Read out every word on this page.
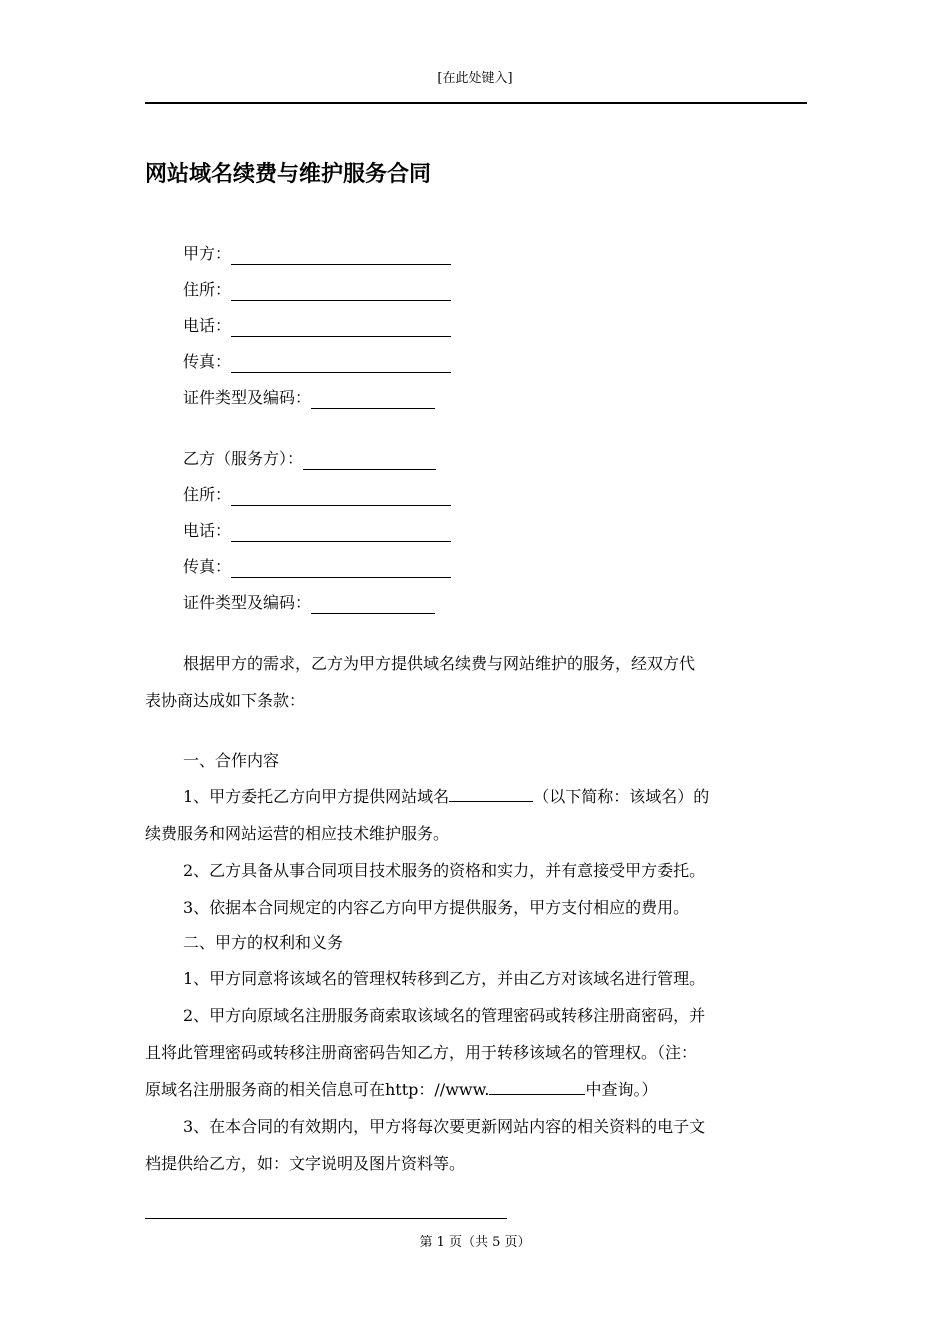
[在此处键入]
网站域名续费与维护服务合同
甲方：
住所：
电话：
传真：
证件类型及编码：
乙方（服务方）：
住所：
电话：
传真：
证件类型及编码：
根据甲方的需求，乙方为甲方提供域名续费与网站维护的服务，经双方代
表协商达成如下条款：
一、合作内容
1、甲方委托乙方向甲方提供网站域名	（以下简称：该域名）的
续费服务和网站运营的相应技术维护服务。
2、乙方具备从事合同项目技术服务的资格和实力，并有意接受甲方委托。
3、依据本合同规定的内容乙方向甲方提供服务，甲方支付相应的费用。
二、甲方的权利和义务
1、甲方同意将该域名的管理权转移到乙方，并由乙方对该域名进行管理。
2、甲方向原域名注册服务商索取该域名的管理密码或转移注册商密码，并
且将此管理密码或转移注册商密码告知乙方，用于转移该域名的管理权。（注：
原域名注册服务商的相关信息可在http：//www.	中查询。）
3、在本合同的有效期内，甲方将每次要更新网站内容的相关资料的电子文
档提供给乙方，如：文字说明及图片资料等。
第 1 页（共 5 页）
